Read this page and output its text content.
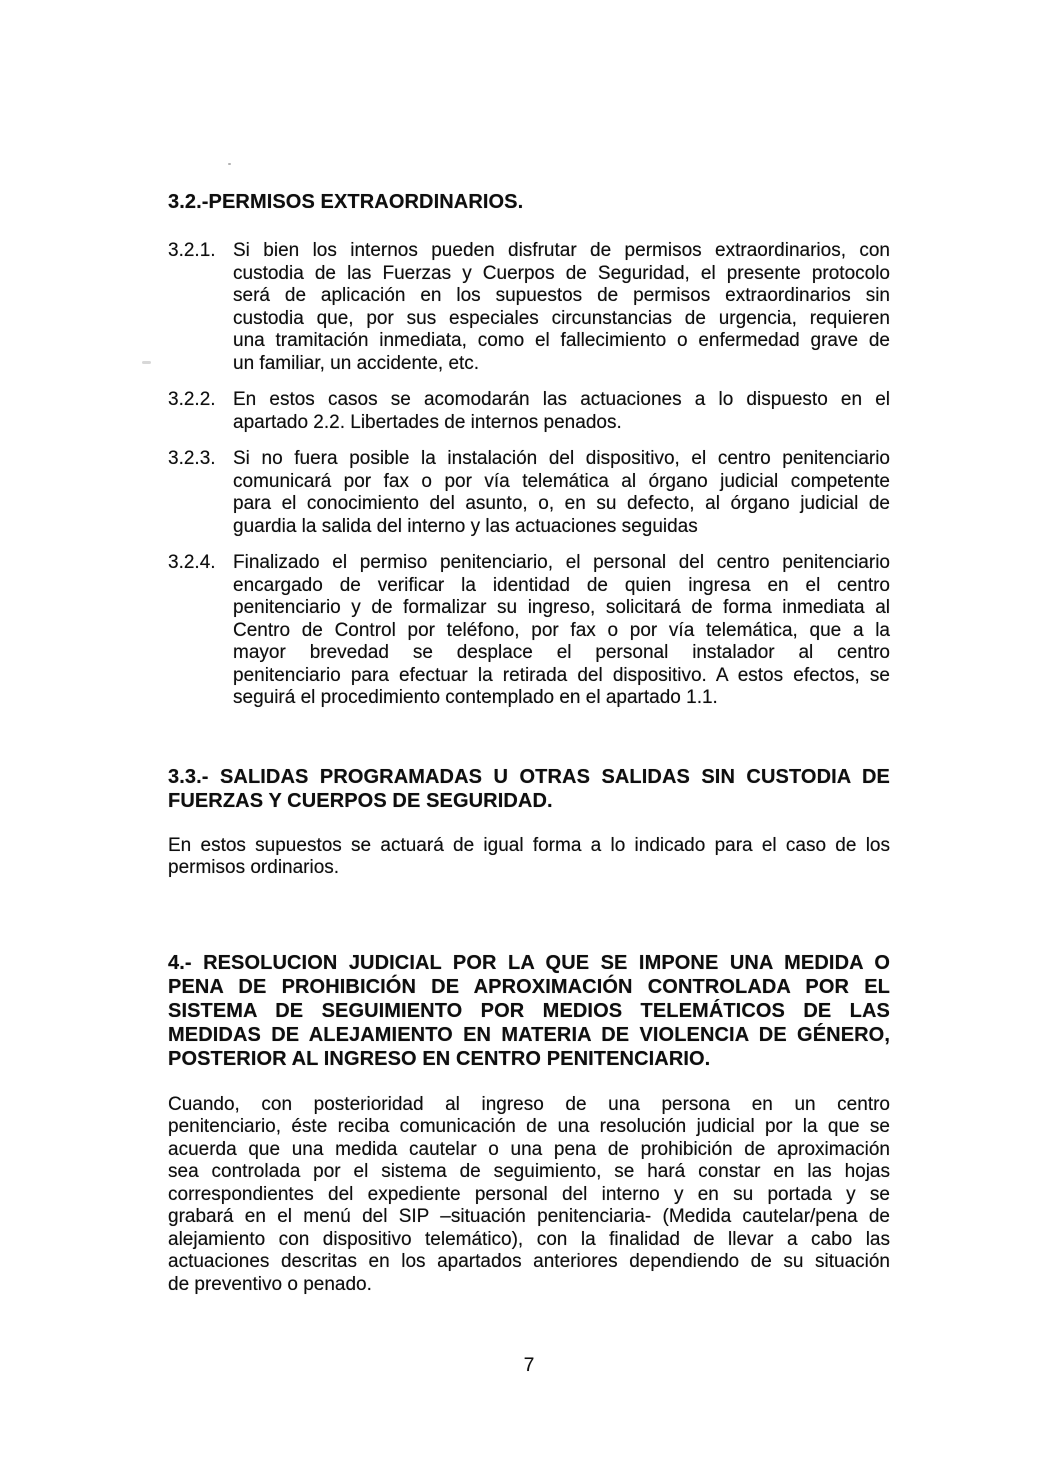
3.2.-PERMISOS EXTRAORDINARIOS.
3.2.1. Si bien los internos pueden disfrutar de permisos extraordinarios, con
custodia de las Fuerzas y Cuerpos de Seguridad, el presente protocolo
será de aplicación en los supuestos de permisos extraordinarios sin
custodia que, por sus especiales circunstancias de urgencia, requieren
una tramitación inmediata, como el fallecimiento o enfermedad grave de
un familiar, un accidente, etc.
3.2.2. En estos casos se acomodarán las actuaciones a lo dispuesto en el
apartado 2.2. Libertades de internos penados.
3.2.3. Si no fuera posible la instalación del dispositivo, el centro penitenciario
comunicará por fax o por vía telemática al órgano judicial competente
para el conocimiento del asunto, o, en su defecto, al órgano judicial de
guardia la salida del interno y las actuaciones seguidas
3.2.4. Finalizado el permiso penitenciario, el personal del centro penitenciario
encargado de verificar la identidad de quien ingresa en el centro
penitenciario y de formalizar su ingreso, solicitará de forma inmediata al
Centro de Control por teléfono, por fax o por vía telemática, que a la
mayor brevedad se desplace el personal instalador al centro
penitenciario para efectuar la retirada del dispositivo. A estos efectos, se
seguirá el procedimiento contemplado en el apartado 1.1.
3.3.- SALIDAS PROGRAMADAS U OTRAS SALIDAS SIN CUSTODIA DE
FUERZAS Y CUERPOS DE SEGURIDAD.
En estos supuestos se actuará de igual forma a lo indicado para el caso de los
permisos ordinarios.
4.- RESOLUCION JUDICIAL POR LA QUE SE IMPONE UNA MEDIDA O
PENA DE PROHIBICIÓN DE APROXIMACIÓN CONTROLADA POR EL
SISTEMA DE SEGUIMIENTO POR MEDIOS TELEMÁTICOS DE LAS
MEDIDAS DE ALEJAMIENTO EN MATERIA DE VIOLENCIA DE GÉNERO,
POSTERIOR AL INGRESO EN CENTRO PENITENCIARIO.
Cuando, con posterioridad al ingreso de una persona en un centro
penitenciario, éste reciba comunicación de una resolución judicial por la que se
acuerda que una medida cautelar o una pena de prohibición de aproximación
sea controlada por el sistema de seguimiento, se hará constar en las hojas
correspondientes del expediente personal del interno y en su portada y se
grabará en el menú del SIP –situación penitenciaria- (Medida cautelar/pena de
alejamiento con dispositivo telemático), con la finalidad de llevar a cabo las
actuaciones descritas en los apartados anteriores dependiendo de su situación
de preventivo o penado.
7
